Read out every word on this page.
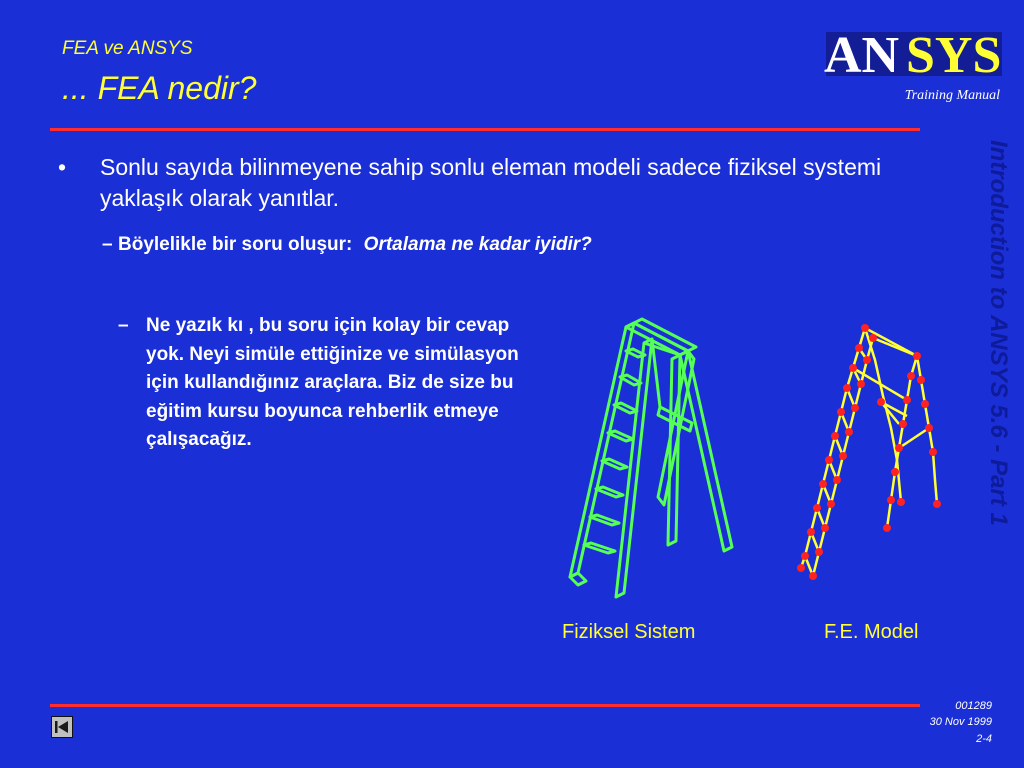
FEA ve ANSYS
... FEA nedir?
AN SYS
Training Manual
• Sonlu sayıda bilinmeyene sahip sonlu eleman modeli sadece fiziksel systemi yaklaşık olarak yanıtlar.
– Böylelikle bir soru oluşur: Ortalama ne kadar iyidir?
– Ne yazık kı , bu soru için kolay bir cevap yok. Neyi simüle ettiğinize ve simülasyon için kullandığınız araçlara. Biz de size bu eğitim kursu boyunca rehberlik etmeye çalışacağız.
Fiziksel Sistem	F.E. Model
Introduction to ANSYS 5.6 - Part 1
001289
30 Nov 1999
2-4
